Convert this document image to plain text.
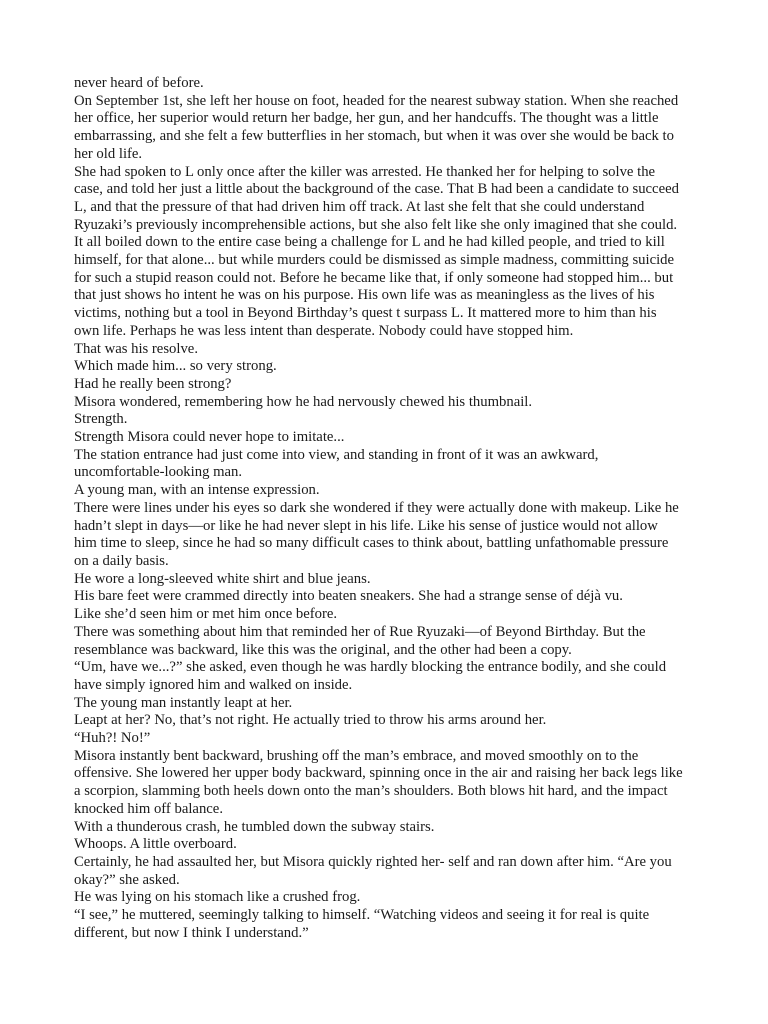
never heard of before.
On September 1st, she left her house on foot, headed for the nearest subway station. When she reached
her office, her superior would return her badge, her gun, and her handcuffs. The thought was a little
embarrassing, and she felt a few butterflies in her stomach, but when it was over she would be back to
her old life.
She had spoken to L only once after the killer was arrested. He thanked her for helping to solve the
case, and told her just a little about the background of the case. That B had been a candidate to succeed
L, and that the pressure of that had driven him off track. At last she felt that she could understand
Ryuzaki’s previously incomprehensible actions, but she also felt like she only imagined that she could.
It all boiled down to the entire case being a challenge for L and he had killed people, and tried to kill
himself, for that alone... but while murders could be dismissed as simple madness, committing suicide
for such a stupid reason could not. Before he became like that, if only someone had stopped him... but
that just shows ho intent he was on his purpose. His own life was as meaningless as the lives of his
victims, nothing but a tool in Beyond Birthday’s quest t surpass L. It mattered more to him than his
own life. Perhaps he was less intent than desperate. Nobody could have stopped him.
That was his resolve.
Which made him... so very strong.
Had he really been strong?
Misora wondered, remembering how he had nervously chewed his thumbnail.
Strength.
Strength Misora could never hope to imitate...
The station entrance had just come into view, and standing in front of it was an awkward,
uncomfortable-looking man.
A young man, with an intense expression.
There were lines under his eyes so dark she wondered if they were actually done with makeup. Like he
hadn’t slept in days—or like he had never slept in his life. Like his sense of justice would not allow
him time to sleep, since he had so many difficult cases to think about, battling unfathomable pressure
on a daily basis.
He wore a long-sleeved white shirt and blue jeans.
His bare feet were crammed directly into beaten sneakers. She had a strange sense of déjà vu.
Like she’d seen him or met him once before.
There was something about him that reminded her of Rue Ryuzaki—of Beyond Birthday. But the
resemblance was backward, like this was the original, and the other had been a copy.
“Um, have we...?” she asked, even though he was hardly blocking the entrance bodily, and she could
have simply ignored him and walked on inside.
The young man instantly leapt at her.
Leapt at her? No, that’s not right. He actually tried to throw his arms around her.
“Huh?! No!”
Misora instantly bent backward, brushing off the man’s embrace, and moved smoothly on to the
offensive. She lowered her upper body backward, spinning once in the air and raising her back legs like
a scorpion, slamming both heels down onto the man’s shoulders. Both blows hit hard, and the impact
knocked him off balance.
With a thunderous crash, he tumbled down the subway stairs.
Whoops. A little overboard.
Certainly, he had assaulted her, but Misora quickly righted her- self and ran down after him. “Are you
okay?” she asked.
He was lying on his stomach like a crushed frog.
“I see,” he muttered, seemingly talking to himself. “Watching videos and seeing it for real is quite
different, but now I think I understand.”
